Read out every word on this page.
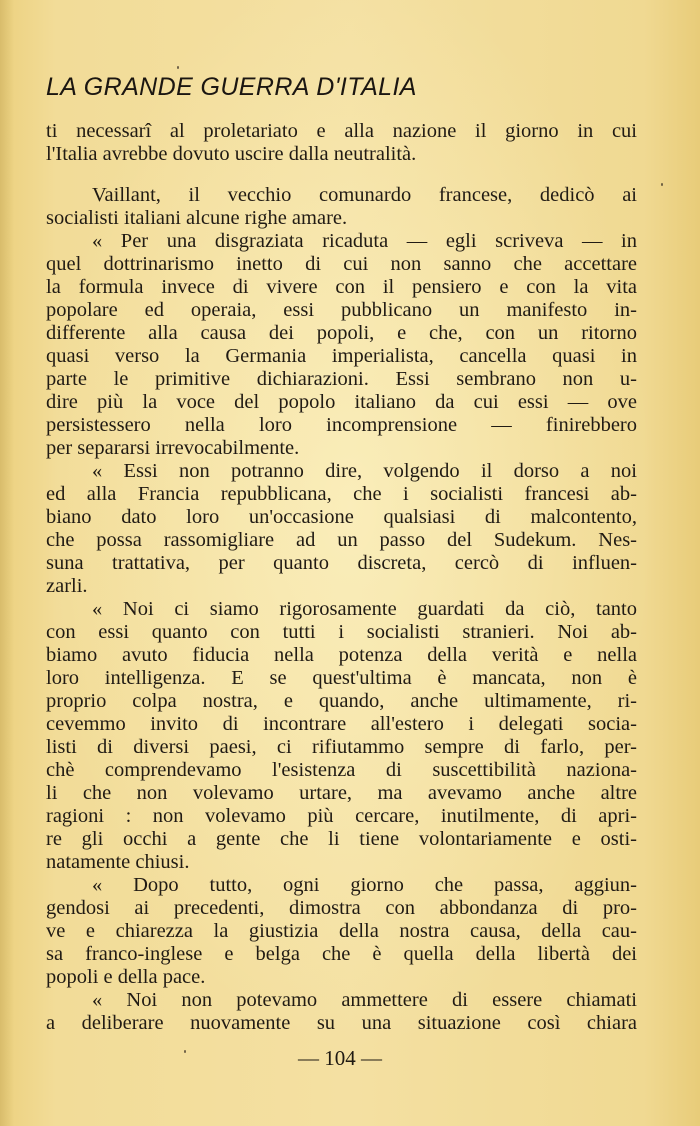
LA GRANDE GUERRA D'ITALIA
ti necessarî al proletariato e alla nazione il giorno in cui
l'Italia avrebbe dovuto uscire dalla neutralità.
Vaillant, il vecchio comunardo francese, dedicò ai
socialisti italiani alcune righe amare.
« Per una disgraziata ricaduta — egli scriveva — in
quel dottrinarismo inetto di cui non sanno che accettare
la formula invece di vivere con il pensiero e con la vita
popolare ed operaia, essi pubblicano un manifesto in-
differente alla causa dei popoli, e che, con un ritorno
quasi verso la Germania imperialista, cancella quasi in
parte le primitive dichiarazioni. Essi sembrano non u-
dire più la voce del popolo italiano da cui essi — ove
persistessero nella loro incomprensione — finirebbero
per separarsi irrevocabilmente.
« Essi non potranno dire, volgendo il dorso a noi
ed alla Francia repubblicana, che i socialisti francesi ab-
biano dato loro un'occasione qualsiasi di malcontento,
che possa rassomigliare ad un passo del Sudekum. Nes-
suna trattativa, per quanto discreta, cercò di influen-
zarli.
« Noi ci siamo rigorosamente guardati da ciò, tanto
con essi quanto con tutti i socialisti stranieri. Noi ab-
biamo avuto fiducia nella potenza della verità e nella
loro intelligenza. E se quest'ultima è mancata, non è
proprio colpa nostra, e quando, anche ultimamente, ri-
cevemmo invito di incontrare all'estero i delegati socia-
listi di diversi paesi, ci rifiutammo sempre di farlo, per-
chè comprendevamo l'esistenza di suscettibilità naziona-
li che non volevamo urtare, ma avevamo anche altre
ragioni : non volevamo più cercare, inutilmente, di apri-
re gli occhi a gente che li tiene volontariamente e osti-
natamente chiusi.
« Dopo tutto, ogni giorno che passa, aggiun-
gendosi ai precedenti, dimostra con abbondanza di pro-
ve e chiarezza la giustizia della nostra causa, della cau-
sa franco-inglese e belga che è quella della libertà dei
popoli e della pace.
« Noi non potevamo ammettere di essere chiamati
a deliberare nuovamente su una situazione così chiara
— 104 —
